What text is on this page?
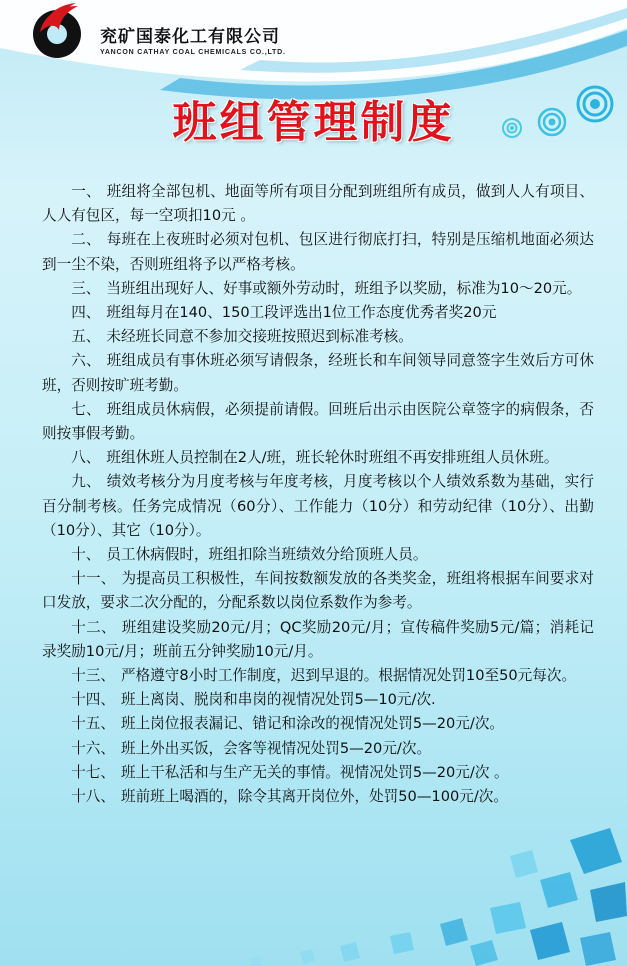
兖矿国泰化工有限公司
YANCON CATHAY COAL CHEMICALS CO.,LTD.
班组管理制度

一、 班组将全部包机、地面等所有项目分配到班组所有成员，做到人人有项目、人人有包区，每一空项扣10元 。

二、 每班在上夜班时必须对包机、包区进行彻底打扫，特别是压缩机地面必须达到一尘不染，否则班组将予以严格考核。

三、 当班组出现好人、好事或额外劳动时，班组予以奖励，标准为10～20元。

四、 班组每月在140、150工段评选出1位工作态度优秀者奖20元

五、 未经班长同意不参加交接班按照迟到标准考核。

六、 班组成员有事休班必须写请假条，经班长和车间领导同意签字生效后方可休班，否则按旷班考勤。

七、 班组成员休病假，必须提前请假。回班后出示由医院公章签字的病假条，否则按事假考勤。

八、 班组休班人员控制在2人/班，班长轮休时班组不再安排班组人员休班。

九、 绩效考核分为月度考核与年度考核，月度考核以个人绩效系数为基础，实行百分制考核。任务完成情况（60分）、工作能力（10分）和劳动纪律（10分）、出勤（10分）、其它（10分）。

十、 员工休病假时，班组扣除当班绩效分给顶班人员。

十一、 为提高员工积极性，车间按数额发放的各类奖金，班组将根据车间要求对口发放，要求二次分配的，分配系数以岗位系数作为参考。

十二、 班组建设奖励20元/月；QC奖励20元/月；宣传稿件奖励5元/篇；消耗记录奖励10元/月；班前五分钟奖励10元/月。

十三、 严格遵守8小时工作制度，迟到早退的。根据情况处罚10至50元每次。

十四、 班上离岗、脱岗和串岗的视情况处罚5—10元/次.

十五、 班上岗位报表漏记、错记和涂改的视情况处罚5—20元/次。

十六、 班上外出买饭，会客等视情况处罚5—20元/次。

十七、 班上干私活和与生产无关的事情。视情况处罚5—20元/次 。

十八、 班前班上喝酒的，除令其离开岗位外，处罚50—100元/次。
